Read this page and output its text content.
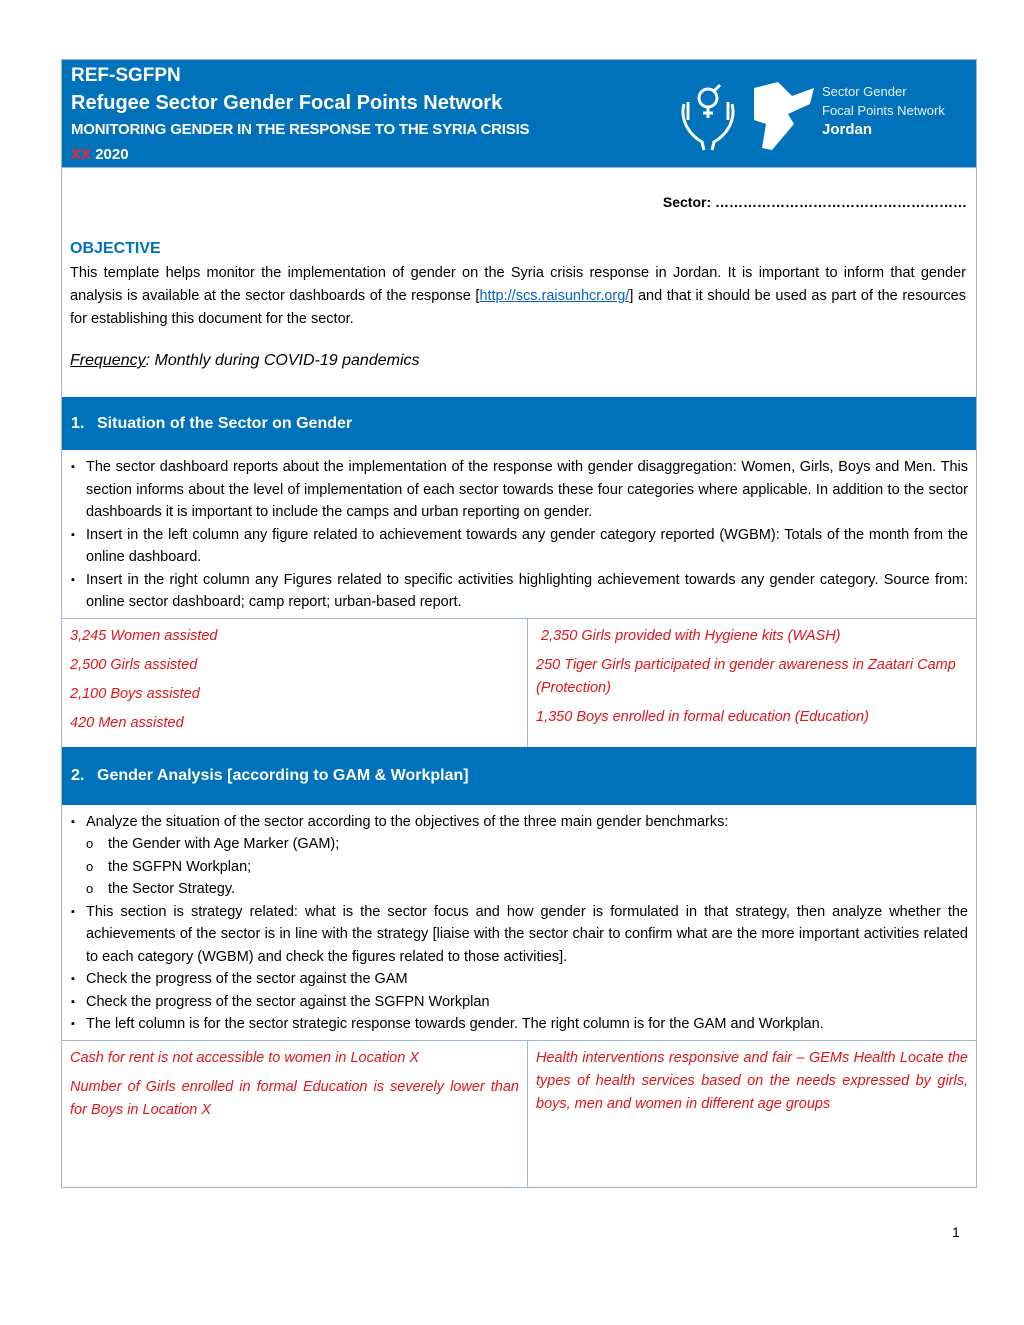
REF-SGFPN
Refugee Sector Gender Focal Points Network
MONITORING GENDER IN THE RESPONSE TO THE SYRIA CRISIS
XX 2020
Sector Gender
Focal Points Network
Jordan
Sector: ………………………………………………
OBJECTIVE
This template helps monitor the implementation of gender on the Syria crisis response in Jordan. It is important to inform that gender analysis is available at the sector dashboards of the response [http://scs.raisunhcr.org/] and that it should be used as part of the resources for establishing this document for the sector.
Frequency: Monthly during COVID-19 pandemics
1. Situation of the Sector on Gender
▪ The sector dashboard reports about the implementation of the response with gender disaggregation: Women, Girls, Boys and Men. This section informs about the level of implementation of each sector towards these four categories where applicable. In addition to the sector dashboards it is important to include the camps and urban reporting on gender.
▪ Insert in the left column any figure related to achievement towards any gender category reported (WGBM): Totals of the month from the online dashboard.
▪ Insert in the right column any Figures related to specific activities highlighting achievement towards any gender category. Source from: online sector dashboard; camp report; urban-based report.
3,245 Women assisted
2,500 Girls assisted
2,100 Boys assisted
420 Men assisted
2,350 Girls provided with Hygiene kits (WASH)
250 Tiger Girls participated in gender awareness in Zaatari Camp (Protection)
1,350 Boys enrolled in formal education (Education)
2. Gender Analysis [according to GAM & Workplan]
▪ Analyze the situation of the sector according to the objectives of the three main gender benchmarks:
o the Gender with Age Marker (GAM);
o the SGFPN Workplan;
o the Sector Strategy.
▪ This section is strategy related: what is the sector focus and how gender is formulated in that strategy, then analyze whether the achievements of the sector is in line with the strategy [liaise with the sector chair to confirm what are the more important activities related to each category (WGBM) and check the figures related to those activities].
▪ Check the progress of the sector against the GAM
▪ Check the progress of the sector against the SGFPN Workplan
▪ The left column is for the sector strategic response towards gender. The right column is for the GAM and Workplan.
Cash for rent is not accessible to women in Location X
Number of Girls enrolled in formal Education is severely lower than for Boys in Location X
Health interventions responsive and fair – GEMs Health Locate the types of health services based on the needs expressed by girls, boys, men and women in different age groups
1
